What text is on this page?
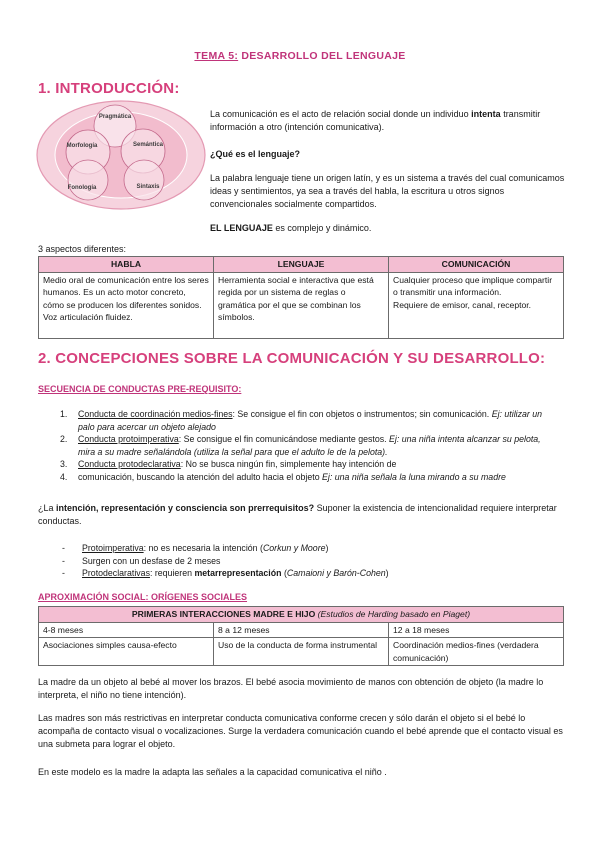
TEMA 5: DESARROLLO DEL LENGUAJE
1. INTRODUCCIÓN:
Pragmática
Morfología	Semántica
Fonología	Sintaxis

La comunicación es el acto de relación social donde un individuo intenta transmitir información a otro (intención comunicativa).

¿Qué es el lenguaje?

La palabra lenguaje tiene un origen latín, y es un sistema a través del cual comunicamos ideas y sentimientos, ya sea a través del habla, la escritura u otros signos convencionales socialmente compartidos.

EL LENGUAJE es complejo y dinámico.

3 aspectos diferentes:

HABLA	LENGUAJE	COMUNICACIÓN
Medio oral de comunicación entre los seres humanos. Es un acto motor concreto, cómo se producen los diferentes sonidos. Voz articulación fluidez.	Herramienta social e interactiva que está regida por un sistema de reglas o gramática por el que se combinan los símbolos.	Cualquier proceso que implique compartir o transmitir una información.
Requiere de emisor, canal, receptor.
2. CONCEPCIONES SOBRE LA COMUNICACIÓN Y SU DESARROLLO:
SECUENCIA DE CONDUCTAS PRE-REQUISITO:
1. Conducta de coordinación medios-fines: Se consigue el fin con objetos o instrumentos; sin comunicación. Ej: utilizar un palo para acercar un objeto alejado
2. Conducta protoimperativa: Se consigue el fin comunicándose mediante gestos. Ej: una niña intenta alcanzar su pelota, mira a su madre señalándola (utiliza la señal para que el adulto le de la pelota).
3. Conducta protodeclarativa: No se busca ningún fin, simplemente hay intención de
4. comunicación, buscando la atención del adulto hacia el objeto Ej: una niña señala la luna mirando a su madre

¿La intención, representación y consciencia son prerrequisitos? Suponer la existencia de intencionalidad requiere interpretar conductas.

- Protoimperativa: no es necesaria la intención (Corkun y Moore)
- Surgen con un desfase de 2 meses
- Protodeclarativas: requieren metarrepresentación (Camaioni y Barón-Cohen)
APROXIMACIÓN SOCIAL: ORÍGENES SOCIALES
PRIMERAS INTERACCIONES MADRE E HIJO (Estudios de Harding basado en Piaget)		
4-8 meses	8 a 12 meses	12 a 18 meses
Asociaciones simples causa-efecto	Uso de la conducta de forma instrumental	Coordinación medios-fines (verdadera comunicación)

La madre da un objeto al bebé al mover los brazos. El bebé asocia movimiento de manos con obtención de objeto (la madre lo interpreta, el niño no tiene intención).

Las madres son más restrictivas en interpretar conducta comunicativa conforme crecen y sólo darán el objeto si el bebé lo acompaña de contacto visual o vocalizaciones. Surge la verdadera comunicación cuando el bebé aprende que el contacto visual es una submeta para lograr el objeto.

En este modelo es la madre la adapta las señales a la capacidad comunicativa el niño .
